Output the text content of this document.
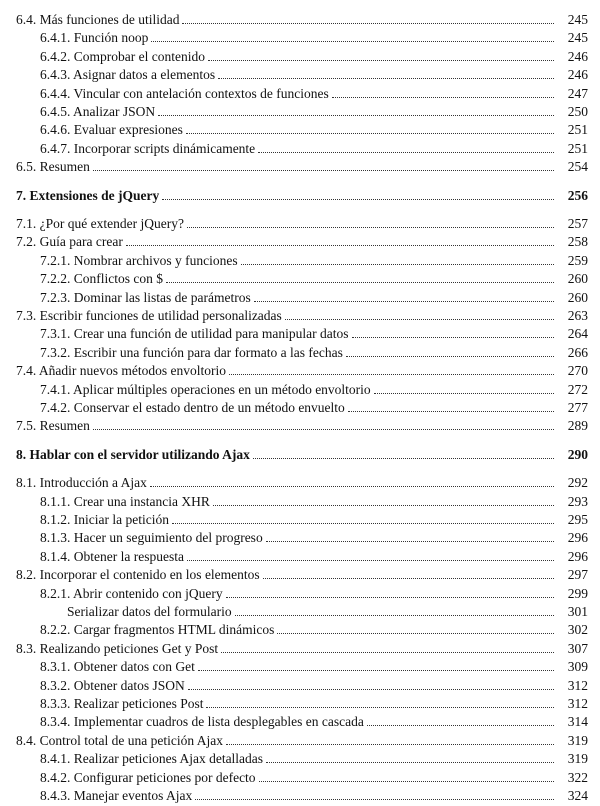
6.4. Más funciones de utilidad	245
6.4.1. Función noop	245
6.4.2. Comprobar el contenido	246
6.4.3. Asignar datos a elementos	246
6.4.4. Vincular con antelación contextos de funciones	247
6.4.5. Analizar JSON	250
6.4.6. Evaluar expresiones	251
6.4.7. Incorporar scripts dinámicamente	251
6.5. Resumen	254
7. Extensiones de jQuery	256
7.1. ¿Por qué extender jQuery?	257
7.2. Guía para crear	258
7.2.1. Nombrar archivos y funciones	259
7.2.2. Conflictos con $	260
7.2.3. Dominar las listas de parámetros	260
7.3. Escribir funciones de utilidad personalizadas	263
7.3.1. Crear una función de utilidad para manipular datos	264
7.3.2. Escribir una función para dar formato a las fechas	266
7.4. Añadir nuevos métodos envoltorio	270
7.4.1. Aplicar múltiples operaciones en un método envoltorio	272
7.4.2. Conservar el estado dentro de un método envuelto	277
7.5. Resumen	289
8. Hablar con el servidor utilizando Ajax	290
8.1. Introducción a Ajax	292
8.1.1. Crear una instancia XHR	293
8.1.2. Iniciar la petición	295
8.1.3. Hacer un seguimiento del progreso	296
8.1.4. Obtener la respuesta	296
8.2. Incorporar el contenido en los elementos	297
8.2.1. Abrir contenido con jQuery	299
Serializar datos del formulario	301
8.2.2. Cargar fragmentos HTML dinámicos	302
8.3. Realizando peticiones Get y Post	307
8.3.1. Obtener datos con Get	309
8.3.2. Obtener datos JSON	312
8.3.3. Realizar peticiones Post	312
8.3.4. Implementar cuadros de lista desplegables en cascada	314
8.4. Control total de una petición Ajax	319
8.4.1. Realizar peticiones Ajax detalladas	319
8.4.2. Configurar peticiones por defecto	322
8.4.3. Manejar eventos Ajax	324
